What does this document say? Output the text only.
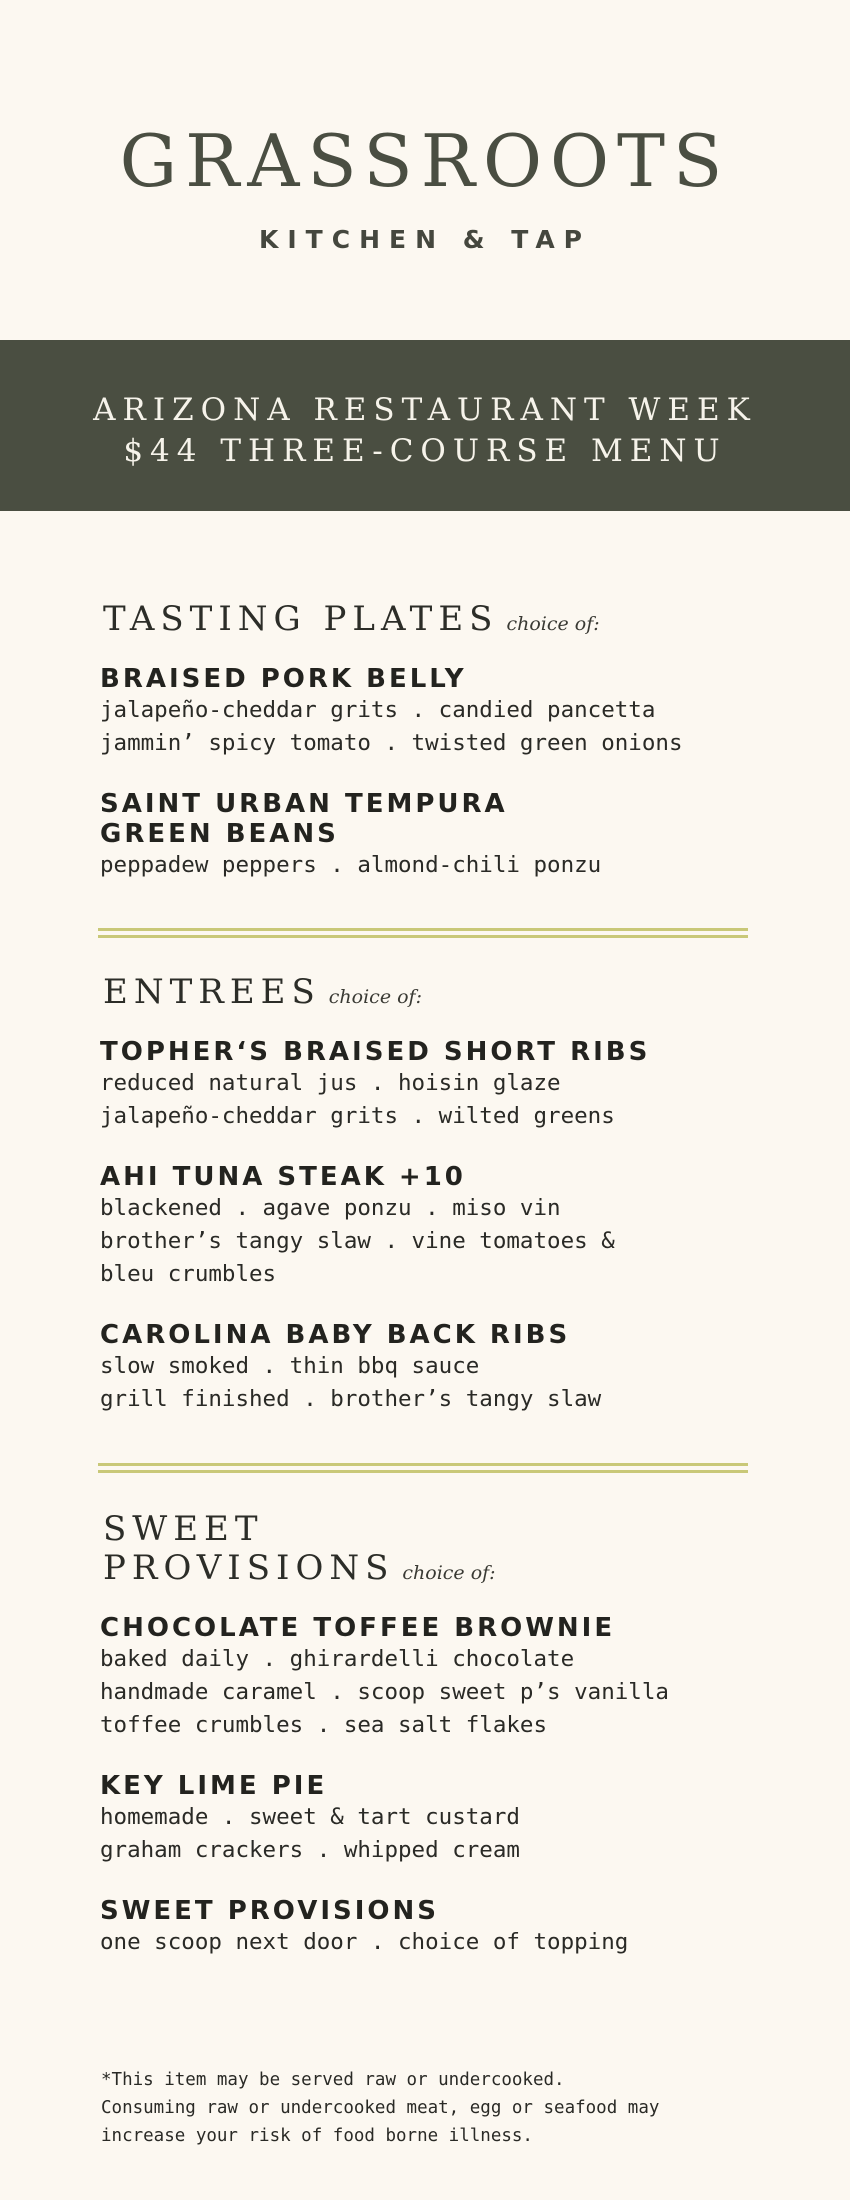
GRASSROOTS
KITCHEN & TAP
ARIZONA RESTAURANT WEEK
$44 THREE-COURSE MENU
TASTING PLATES choice of:
BRAISED PORK BELLY
jalapeño-cheddar grits . candied pancetta
jammin’ spicy tomato . twisted green onions
SAINT URBAN TEMPURA
GREEN BEANS
peppadew peppers . almond-chili ponzu
ENTREES choice of:
TOPHER‘S BRAISED SHORT RIBS
reduced natural jus . hoisin glaze
jalapeño-cheddar grits . wilted greens
AHI TUNA STEAK +10
blackened . agave ponzu . miso vin
brother’s tangy slaw . vine tomatoes &
bleu crumbles
CAROLINA BABY BACK RIBS
slow smoked . thin bbq sauce
grill finished . brother’s tangy slaw
SWEET
PROVISIONS choice of:
CHOCOLATE TOFFEE BROWNIE
baked daily . ghirardelli chocolate
handmade caramel . scoop sweet p’s vanilla
toffee crumbles . sea salt flakes
KEY LIME PIE
homemade . sweet & tart custard
graham crackers . whipped cream
SWEET PROVISIONS
one scoop next door . choice of topping
*This item may be served raw or undercooked.
Consuming raw or undercooked meat, egg or seafood may
increase your risk of food borne illness.
